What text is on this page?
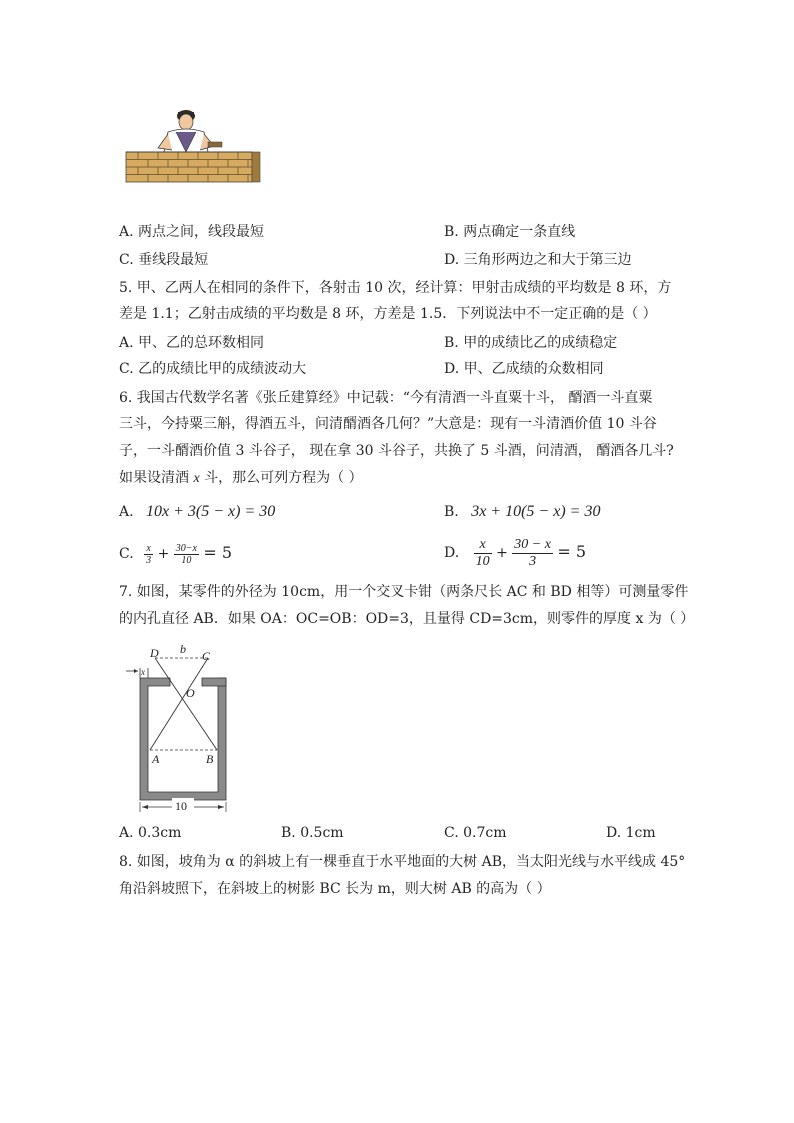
A. 两点之间，线段最短	B. 两点确定一条直线
C. 垂线段最短	D. 三角形两边之和大于第三边
5. 甲、乙两人在相同的条件下，各射击 10 次，经计算：甲射击成绩的平均数是 8 环，方
差是 1.1；乙射击成绩的平均数是 8 环，方差是 1.5．下列说法中不一定正确的是（ ）
A. 甲、乙的总环数相同	B. 甲的成绩比乙的成绩稳定
C. 乙的成绩比甲的成绩波动大	D. 甲、乙成绩的众数相同
6. 我国古代数学名著《张丘建算经》中记载：“今有清酒一斗直粟十斗， 醑酒一斗直粟
三斗，今持粟三斛，得酒五斗，问清醑酒各几何？”大意是：现有一斗清酒价值 10 斗谷
子，一斗醑酒价值 3 斗谷子， 现在拿 30 斗谷子，共换了 5 斗酒，问清酒， 醑酒各几斗?
如果设清酒 x 斗，那么可列方程为（ ）
A. 10x + 3(5 − x) = 30	B. 3x + 10(5 − x) = 30
C. $\frac{x}{3} + \frac{30-x}{10} = 5$	D. $\frac{x}{10} + \frac{30 - x}{3} = 5$
7. 如图，某零件的外径为 10cm，用一个交叉卡钳（两条尺长 AC 和 BD 相等）可测量零件
的内孔直径 AB．如果 OA：OC=OB：OD=3，且量得 CD=3cm，则零件的厚度 x 为（ ）
D b C
O
x
A	B
10
A. 0.3cm	B. 0.5cm	C. 0.7cm	D. 1cm
8. 如图，坡角为 α 的斜坡上有一棵垂直于水平地面的大树 AB，当太阳光线与水平线成 45°
角沿斜坡照下，在斜坡上的树影 BC 长为 m，则大树 AB 的高为（ ）
